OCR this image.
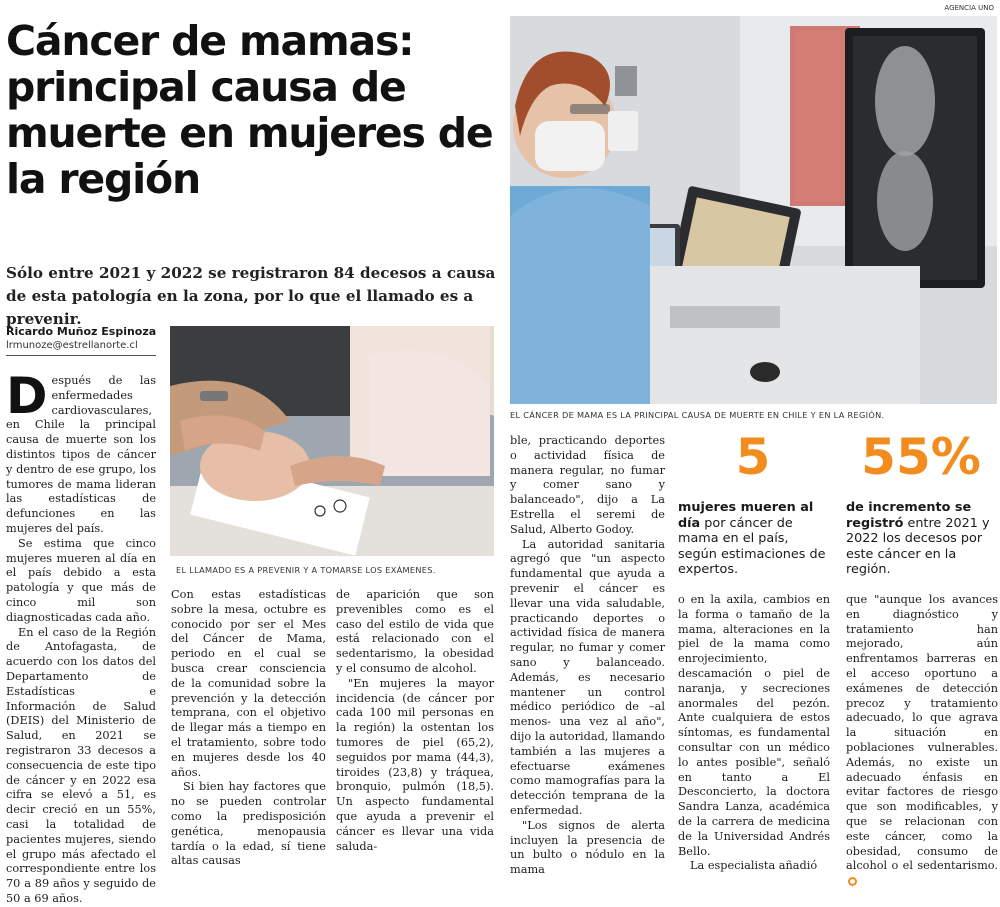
AGENCIA UNO
Cáncer de mamas: principal causa de muerte en mujeres de la región

Sólo entre 2021 y 2022 se registraron 84 decesos a causa de esta patología en la zona, por lo que el llamado es a prevenir.

Ricardo Muñoz Espinoza
lrmunoze@estrellanorte.cl
EL CÁNCER DE MAMA ES LA PRINCIPAL CAUSA DE MUERTE EN CHILE Y EN LA REGIÓN.
EL LLAMADO ES A PREVENIR Y A TOMARSE LOS EXÁMENES.

Después de las enfermedades cardiovasculares, en Chile la principal causa de muerte son los distintos tipos de cáncer y dentro de ese grupo, los tumores de mama lideran las estadísticas de defunciones en las mujeres del país.

Se estima que cinco mujeres mueren al día en el país debido a esta patología y que más de cinco mil son diagnosticadas cada año.

En el caso de la Región de Antofagasta, de acuerdo con los datos del Departamento de Estadísticas e Información de Salud (DEIS) del Ministerio de Salud, en 2021 se registraron 33 decesos a consecuencia de este tipo de cáncer y en 2022 esa cifra se elevó a 51, es decir creció en un 55%, casi la totalidad de pacientes mujeres, siendo el grupo más afectado el correspondiente entre los 70 a 89 años y seguido de 50 a 69 años.

Con estas estadísticas sobre la mesa, octubre es conocido por ser el Mes del Cáncer de Mama, periodo en el cual se busca crear consciencia de la comunidad sobre la prevención y la detección temprana, con el objetivo de llegar más a tiempo en el tratamiento, sobre todo en mujeres desde los 40 años.

Si bien hay factores que no se pueden controlar como la predisposición genética, menopausia tardía o la edad, sí tiene altas causas

de aparición que son prevenibles como es el caso del estilo de vida que está relacionado con el sedentarismo, la obesidad y el consumo de alcohol.

"En mujeres la mayor incidencia (de cáncer por cada 100 mil personas en la región) la ostentan los tumores de piel (65,2), seguidos por mama (44,3), tiroides (23,8) y tráquea, bronquio, pulmón (18,5). Un aspecto fundamental que ayuda a prevenir el cáncer es llevar una vida saluda-

ble, practicando deportes o actividad física de manera regular, no fumar y comer sano y balanceado", dijo a La Estrella el seremi de Salud, Alberto Godoy.

La autoridad sanitaria agregó que "un aspecto fundamental que ayuda a prevenir el cáncer es llevar una vida saludable, practicando deportes o actividad física de manera regular, no fumar y comer sano y balanceado. Además, es necesario mantener un control médico periódico de –al menos- una vez al año", dijo la autoridad, llamando también a las mujeres a efectuarse exámenes como mamografías para la detección temprana de la enfermedad.

"Los signos de alerta incluyen la presencia de un bulto o nódulo en la mama

5
mujeres mueren al día por cáncer de mama en el país, según estimaciones de expertos.
55%
de incremento se registró entre 2021 y 2022 los decesos por este cáncer en la región.

o en la axila, cambios en la forma o tamaño de la mama, alteraciones en la piel de la mama como enrojecimiento, descamación o piel de naranja, y secreciones anormales del pezón. Ante cualquiera de estos síntomas, es fundamental consultar con un médico lo antes posible", señaló en tanto a El Desconcierto, la doctora Sandra Lanza, académica de la carrera de medicina de la Universidad Andrés Bello.

La especialista añadió

que "aunque los avances en diagnóstico y tratamiento han mejorado, aún enfrentamos barreras en el acceso oportuno a exámenes de detección precoz y tratamiento adecuado, lo que agrava la situación en poblaciones vulnerables. Además, no existe un adecuado énfasis en evitar factores de riesgo que son modificables, y que se relacionan con este cáncer, como la obesidad, consumo de alcohol o el sedentarismo.
